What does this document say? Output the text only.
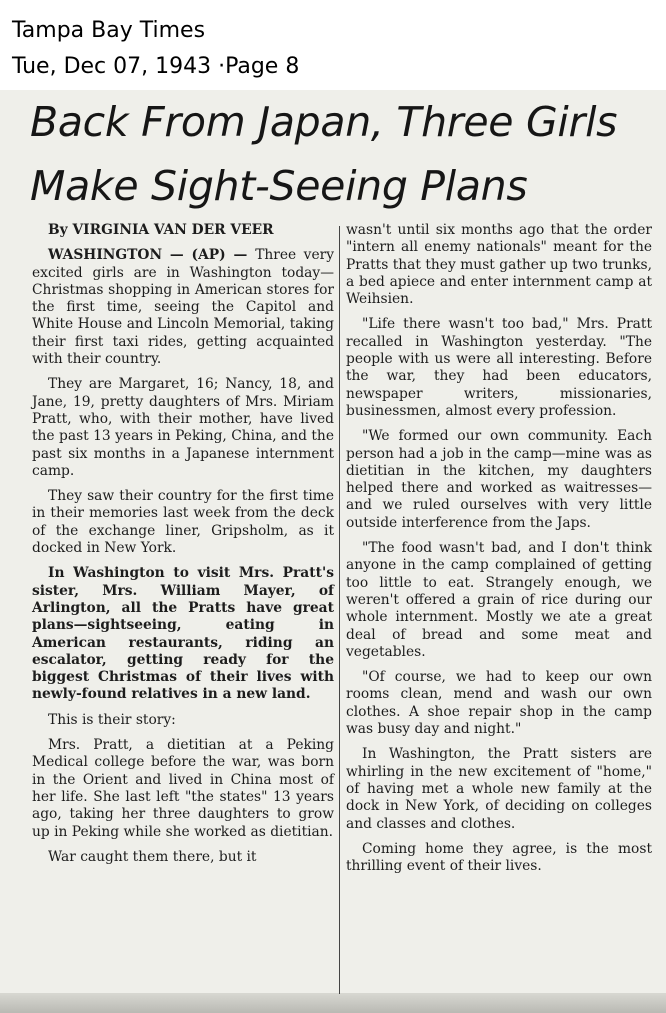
Tampa Bay Times
Tue, Dec 07, 1943 ·Page 8
Back From Japan, Three Girls
Make Sight-Seeing Plans

By VIRGINIA VAN DER VEER

WASHINGTON — (AP) — Three very excited girls are in Washington today—Christmas shopping in American stores for the first time, seeing the Capitol and White House and Lincoln Memorial, taking their first taxi rides, getting acquainted with their country.

They are Margaret, 16; Nancy, 18, and Jane, 19, pretty daughters of Mrs. Miriam Pratt, who, with their mother, have lived the past 13 years in Peking, China, and the past six months in a Japanese internment camp.

They saw their country for the first time in their memories last week from the deck of the exchange liner, Gripsholm, as it docked in New York.

In Washington to visit Mrs. Pratt's sister, Mrs. William Mayer, of Arlington, all the Pratts have great plans—sightseeing, eating in American restaurants, riding an escalator, getting ready for the biggest Christmas of their lives with newly-found relatives in a new land.

This is their story:

Mrs. Pratt, a dietitian at a Peking Medical college before the war, was born in the Orient and lived in China most of her life. She last left "the states" 13 years ago, taking her three daughters to grow up in Peking while she worked as dietitian.

War caught them there, but it

wasn't until six months ago that the order "intern all enemy nationals" meant for the Pratts that they must gather up two trunks, a bed apiece and enter internment camp at Weihsien.

"Life there wasn't too bad," Mrs. Pratt recalled in Washington yesterday. "The people with us were all interesting. Before the war, they had been educators, newspaper writers, missionaries, businessmen, almost every profession.

"We formed our own community. Each person had a job in the camp—mine was as dietitian in the kitchen, my daughters helped there and worked as waitresses—and we ruled ourselves with very little outside interference from the Japs.

"The food wasn't bad, and I don't think anyone in the camp complained of getting too little to eat. Strangely enough, we weren't offered a grain of rice during our whole internment. Mostly we ate a great deal of bread and some meat and vegetables.

"Of course, we had to keep our own rooms clean, mend and wash our own clothes. A shoe repair shop in the camp was busy day and night."

In Washington, the Pratt sisters are whirling in the new excitement of "home," of having met a whole new family at the dock in New York, of deciding on colleges and classes and clothes.

Coming home they agree, is the most thrilling event of their lives.
